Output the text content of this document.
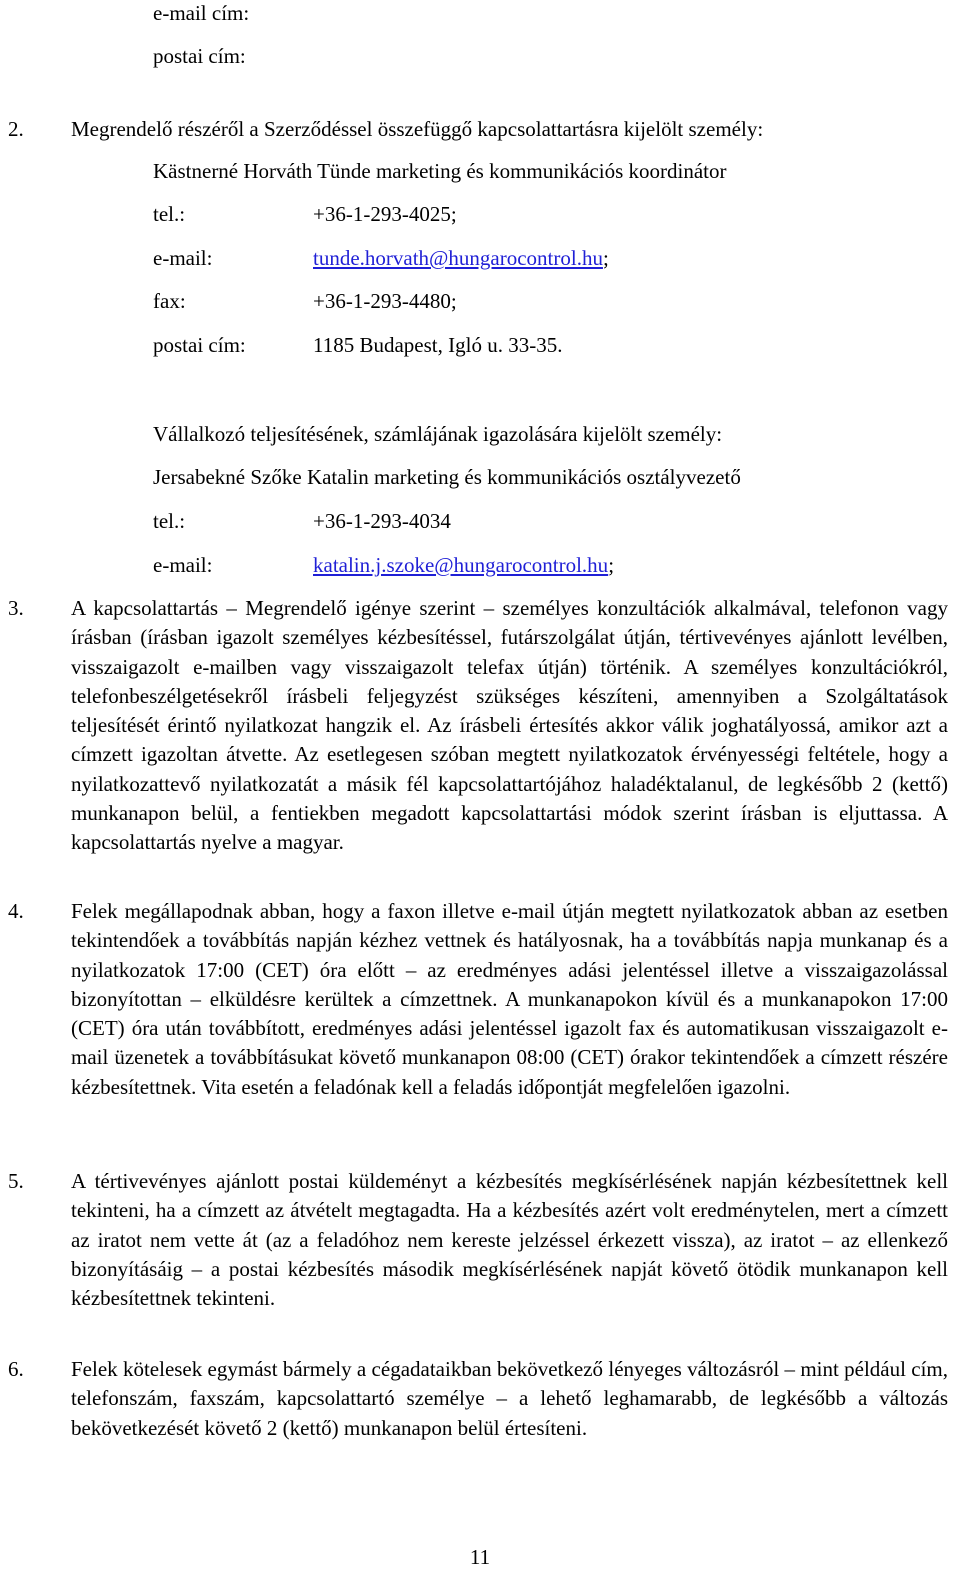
e-mail cím:
postai cím:
2. Megrendelő részéről a Szerződéssel összefüggő kapcsolattartásra kijelölt személy:
Kästnerné Horváth Tünde marketing és kommunikációs koordinátor
tel.:	+36-1-293-4025;
e-mail:	tunde.horvath@hungarocontrol.hu;
fax:	+36-1-293-4480;
postai cím:	1185 Budapest, Igló u. 33-35.
Vállalkozó teljesítésének, számlájának igazolására kijelölt személy:
Jersabekné Szőke Katalin marketing és kommunikációs osztályvezető
tel.:	+36-1-293-4034
e-mail:	katalin.j.szoke@hungarocontrol.hu;
3. A kapcsolattartás – Megrendelő igénye szerint – személyes konzultációk alkalmával, telefonon vagy írásban (írásban igazolt személyes kézbesítéssel, futárszolgálat útján, tértivevényes ajánlott levélben, visszaigazolt e-mailben vagy visszaigazolt telefax útján) történik. A személyes konzultációkról, telefonbeszélgetésekről írásbeli feljegyzést szükséges készíteni, amennyiben a Szolgáltatások teljesítését érintő nyilatkozat hangzik el. Az írásbeli értesítés akkor válik joghatályossá, amikor azt a címzett igazoltan átvette. Az esetlegesen szóban megtett nyilatkozatok érvényességi feltétele, hogy a nyilatkozattevő nyilatkozatát a másik fél kapcsolattartójához haladéktalanul, de legkésőbb 2 (kettő) munkanapon belül, a fentiekben megadott kapcsolattartási módok szerint írásban is eljuttassa. A kapcsolattartás nyelve a magyar.
4. Felek megállapodnak abban, hogy a faxon illetve e-mail útján megtett nyilatkozatok abban az esetben tekintendőek a továbbítás napján kézhez vettnek és hatályosnak, ha a továbbítás napja munkanap és a nyilatkozatok 17:00 (CET) óra előtt – az eredményes adási jelentéssel illetve a visszaigazolással bizonyítottan – elküldésre kerültek a címzettnek. A munkanapokon kívül és a munkanapokon 17:00 (CET) óra után továbbított, eredményes adási jelentéssel igazolt fax és automatikusan visszaigazolt e-mail üzenetek a továbbításukat követő munkanapon 08:00 (CET) órakor tekintendőek a címzett részére kézbesítettnek. Vita esetén a feladónak kell a feladás időpontját megfelelően igazolni.
5. A tértivevényes ajánlott postai küldeményt a kézbesítés megkísérlésének napján kézbesítettnek kell tekinteni, ha a címzett az átvételt megtagadta. Ha a kézbesítés azért volt eredménytelen, mert a címzett az iratot nem vette át (az a feladóhoz nem kereste jelzéssel érkezett vissza), az iratot – az ellenkező bizonyításáig – a postai kézbesítés második megkísérlésének napját követő ötödik munkanapon kell kézbesítettnek tekinteni.
6. Felek kötelesek egymást bármely a cégadataikban bekövetkező lényeges változásról – mint például cím, telefonszám, faxszám, kapcsolattartó személye – a lehető leghamarabb, de legkésőbb a változás bekövetkezését követő 2 (kettő) munkanapon belül értesíteni.
11
